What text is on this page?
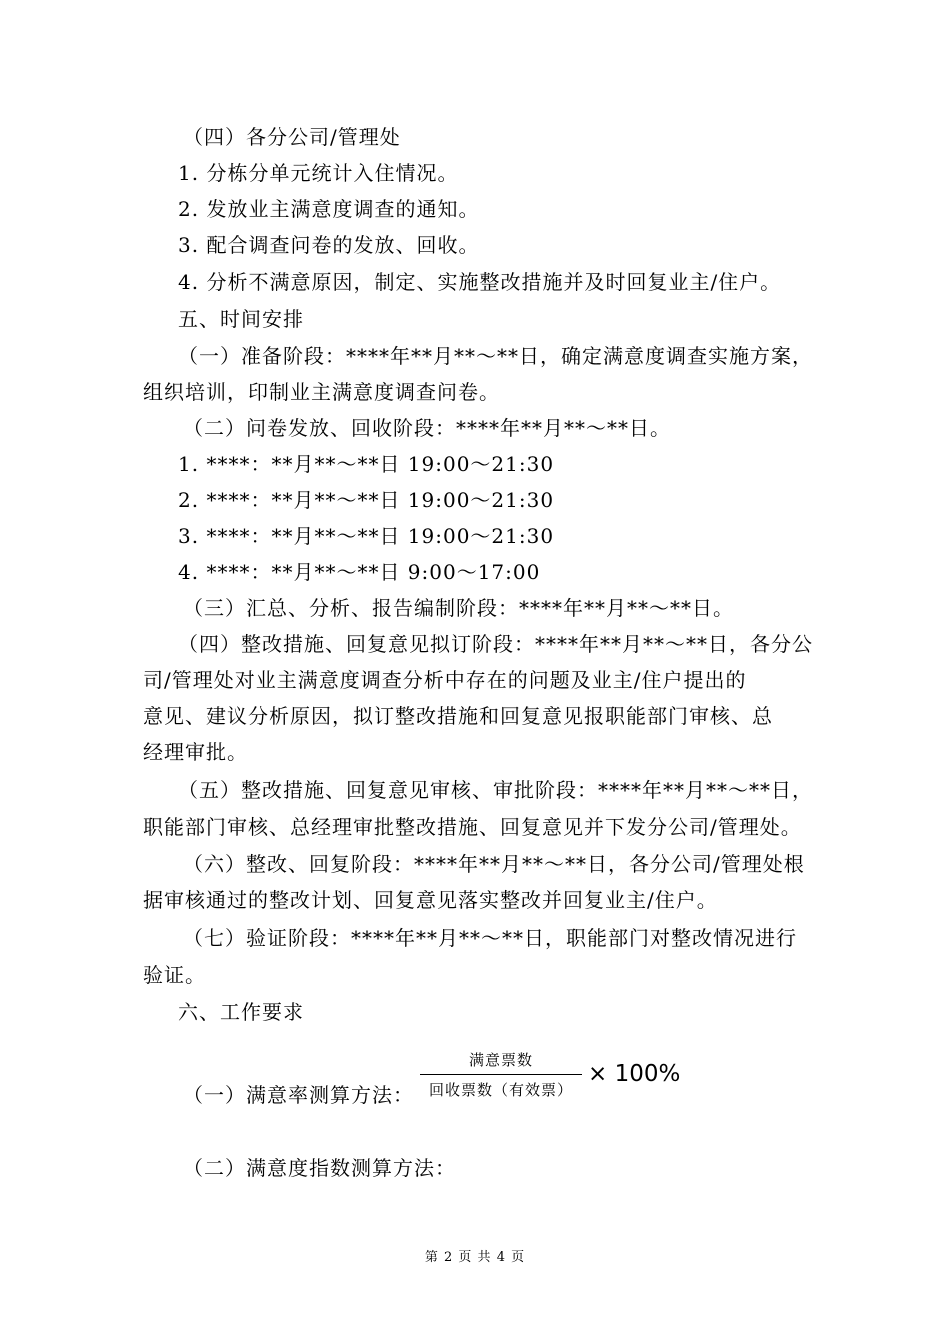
（四）各分公司/管理处
1. 分栋分单元统计入住情况。
2. 发放业主满意度调查的通知。
3. 配合调查问卷的发放、回收。
4. 分析不满意原因，制定、实施整改措施并及时回复业主/住户。
五、时间安排
（一）准备阶段：****年**月**～**日，确定满意度调查实施方案，
组织培训，印制业主满意度调查问卷。
（二）问卷发放、回收阶段：****年**月**～**日。
1. ****：**月**～**日 19:00～21:30
2. ****：**月**～**日 19:00～21:30
3. ****：**月**～**日 19:00～21:30
4. ****：**月**～**日 9:00～17:00
（三）汇总、分析、报告编制阶段：****年**月**～**日。
（四）整改措施、回复意见拟订阶段：****年**月**～**日，各分公
司/管理处对业主满意度调查分析中存在的问题及业主/住户提出的
意见、建议分析原因，拟订整改措施和回复意见报职能部门审核、总
经理审批。
（五）整改措施、回复意见审核、审批阶段：****年**月**～**日，
职能部门审核、总经理审批整改措施、回复意见并下发分公司/管理处。
（六）整改、回复阶段：****年**月**～**日，各分公司/管理处根
据审核通过的整改计划、回复意见落实整改并回复业主/住户。
（七）验证阶段：****年**月**～**日，职能部门对整改情况进行
验证。
六、工作要求
（一）满意率测算方法：
满意票数
回收票数（有效票）
× 100%
（二）满意度指数测算方法：
第 2 页 共 4 页
